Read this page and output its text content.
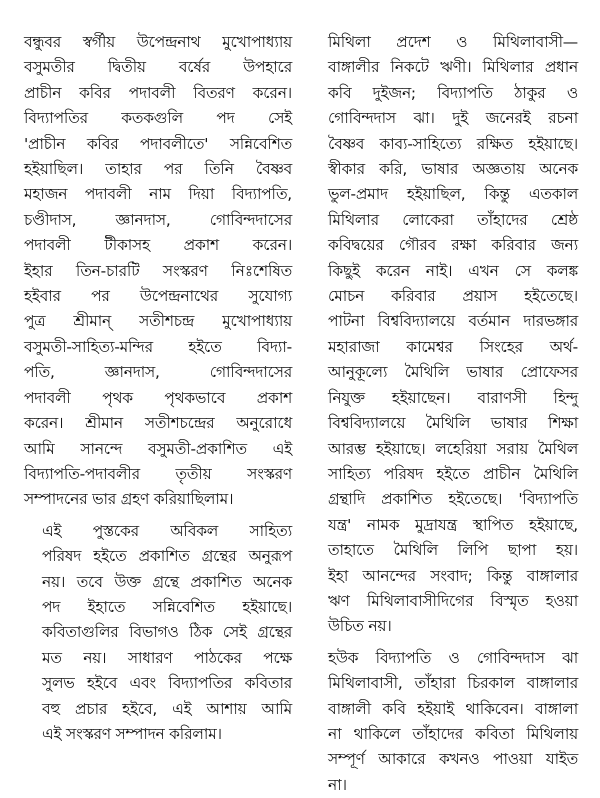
বন্ধুবর স্বর্গীয় উপেন্দ্রনাথ মুখোপাধ্যায়
বসুমতীর দ্বিতীয় বর্ষের উপহারে
প্রাচীন কবির পদাবলী বিতরণ করেন।
বিদ্যাপতির কতকগুলি পদ সেই
'প্রাচীন কবির পদাবলীতে' সন্নিবেশিত
হইয়াছিল। তাহার পর তিনি বৈষ্ণব
মহাজন পদাবলী নাম দিয়া বিদ্যাপতি,
চণ্ডীদাস, জ্ঞানদাস, গোবিন্দদাসের
পদাবলী টীকাসহ প্রকাশ করেন।
ইহার তিন-চারটি সংস্করণ নিঃশেষিত
হইবার পর উপেন্দ্রনাথের সুযোগ্য
পুত্র শ্রীমান্ সতীশচন্দ্র মুখোপাধ্যায়
বসুমতী-সাহিত্য-মন্দির হইতে বিদ্যা-
পতি, জ্ঞানদাস, গোবিন্দদাসের
পদাবলী পৃথক পৃথকভাবে প্রকাশ
করেন। শ্রীমান সতীশচন্দ্রের অনুরোধে
আমি সানন্দে বসুমতী-প্রকাশিত এই
বিদ্যাপতি-পদাবলীর তৃতীয় সংস্করণ
সম্পাদনের ভার গ্রহণ করিয়াছিলাম।

এই পুস্তকের অবিকল সাহিত্য
পরিষদ হইতে প্রকাশিত গ্রন্থের অনুরূপ
নয়। তবে উক্ত গ্রন্থে প্রকাশিত অনেক
পদ ইহাতে সন্নিবেশিত হইয়াছে।
কবিতাগুলির বিভাগও ঠিক সেই গ্রন্থের
মত নয়। সাধারণ পাঠকের পক্ষে
সুলভ হইবে এবং বিদ্যাপতির কবিতার
বহু প্রচার হইবে, এই আশায় আমি
এই সংস্করণ সম্পাদন করিলাম।

মিথিলা প্রদেশ ও মিথিলাবাসী—
বাঙ্গালীর নিকটে ঋণী। মিথিলার প্রধান
কবি দুইজন; বিদ্যাপতি ঠাকুর ও
গোবিন্দদাস ঝা। দুই জনেরই রচনা
বৈষ্ণব কাব্য-সাহিত্যে রক্ষিত হইয়াছে।
স্বীকার করি, ভাষার অজ্ঞতায় অনেক
ভুল-প্রমাদ হইয়াছিল, কিন্তু এতকাল
মিথিলার লোকেরা তাঁহাদের শ্রেষ্ঠ
কবিদ্বয়ের গৌরব রক্ষা করিবার জন্য
কিছুই করেন নাই। এখন সে কলঙ্ক
মোচন করিবার প্রয়াস হইতেছে।
পাটনা বিশ্ববিদ্যালয়ে বর্তমান দারভঙ্গার
মহারাজা কামেশ্বর সিংহের অর্থ-
আনুকূল্যে মৈথিলি ভাষার প্রোফেসর
নিযুক্ত হইয়াছেন। বারাণসী হিন্দু
বিশ্ববিদ্যালয়ে মৈথিলি ভাষার শিক্ষা
আরম্ভ হইয়াছে। লহেরিয়া সরায় মৈথিল
সাহিত্য পরিষদ হইতে প্রাচীন মৈথিলি
গ্রন্থাদি প্রকাশিত হইতেছে। 'বিদ্যাপতি
যন্ত্র' নামক মুদ্রাযন্ত্র স্থাপিত হইয়াছে,
তাহাতে মৈথিলি লিপি ছাপা হয়।
ইহা আনন্দের সংবাদ; কিন্তু বাঙ্গালার
ঋণ মিথিলাবাসীদিগের বিস্মৃত হওয়া
উচিত নয়।

হউক বিদ্যাপতি ও গোবিন্দদাস ঝা
মিথিলাবাসী, তাঁহারা চিরকাল বাঙ্গালার
বাঙ্গালী কবি হইয়াই থাকিবেন। বাঙ্গালা
না থাকিলে তাঁহাদের কবিতা মিথিলায়
সম্পূর্ণ আকারে কখনও পাওয়া যাইত
না।
